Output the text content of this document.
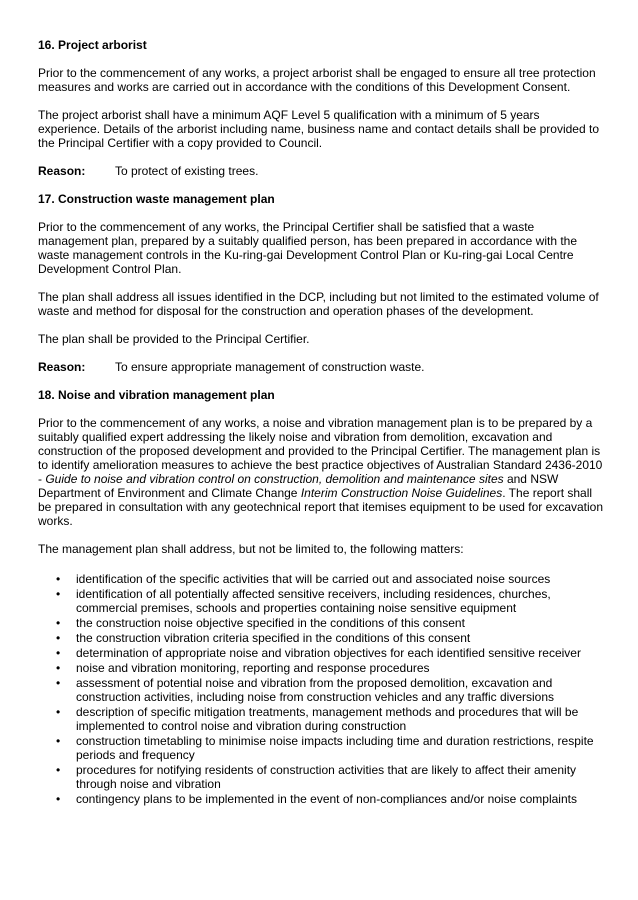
16. Project arborist
Prior to the commencement of any works, a project arborist shall be engaged to ensure all tree protection measures and works are carried out in accordance with the conditions of this Development Consent.
The project arborist shall have a minimum AQF Level 5 qualification with a minimum of 5 years experience. Details of the arborist including name, business name and contact details shall be provided to the Principal Certifier with a copy provided to Council.
Reason:	To protect of existing trees.
17. Construction waste management plan
Prior to the commencement of any works, the Principal Certifier shall be satisfied that a waste management plan, prepared by a suitably qualified person, has been prepared in accordance with the waste management controls in the Ku-ring-gai Development Control Plan or Ku-ring-gai Local Centre Development Control Plan.
The plan shall address all issues identified in the DCP, including but not limited to the estimated volume of waste and method for disposal for the construction and operation phases of the development.
The plan shall be provided to the Principal Certifier.
Reason:	To ensure appropriate management of construction waste.
18. Noise and vibration management plan
Prior to the commencement of any works, a noise and vibration management plan is to be prepared by a suitably qualified expert addressing the likely noise and vibration from demolition, excavation and construction of the proposed development and provided to the Principal Certifier. The management plan is to identify amelioration measures to achieve the best practice objectives of Australian Standard 2436-2010 - Guide to noise and vibration control on construction, demolition and maintenance sites and NSW Department of Environment and Climate Change Interim Construction Noise Guidelines. The report shall be prepared in consultation with any geotechnical report that itemises equipment to be used for excavation works.
The management plan shall address, but not be limited to, the following matters:
• identification of the specific activities that will be carried out and associated noise sources
• identification of all potentially affected sensitive receivers, including residences, churches, commercial premises, schools and properties containing noise sensitive equipment
• the construction noise objective specified in the conditions of this consent
• the construction vibration criteria specified in the conditions of this consent
• determination of appropriate noise and vibration objectives for each identified sensitive receiver
• noise and vibration monitoring, reporting and response procedures
• assessment of potential noise and vibration from the proposed demolition, excavation and construction activities, including noise from construction vehicles and any traffic diversions
• description of specific mitigation treatments, management methods and procedures that will be implemented to control noise and vibration during construction
• construction timetabling to minimise noise impacts including time and duration restrictions, respite periods and frequency
• procedures for notifying residents of construction activities that are likely to affect their amenity through noise and vibration
• contingency plans to be implemented in the event of non-compliances and/or noise complaints
